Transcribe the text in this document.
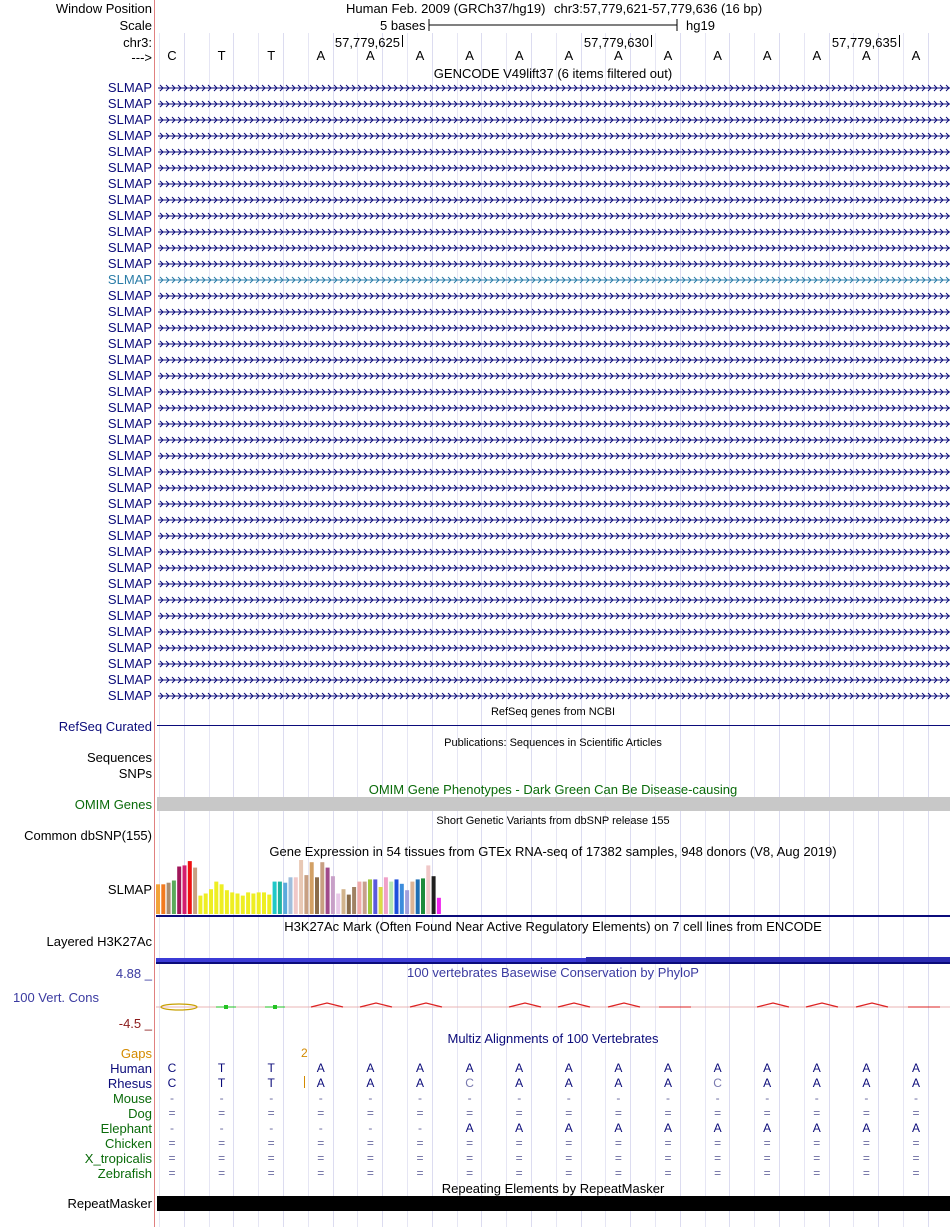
Window Position	Human Feb. 2009 (GRCh37/hg19) chr3:57,779,621-57,779,636 (16 bp)
Scale	5 bases	hg19
chr3:	57,779,625	57,779,630	57,779,635
---> C	T	T	A	A	A	A	A	A	A	A	A	A	A	A	A
GENCODE V49lift37 (6 items filtered out)
SLMAP
SLMAP
SLMAP
SLMAP
SLMAP
SLMAP
SLMAP
SLMAP
SLMAP
SLMAP
SLMAP
SLMAP
SLMAP
SLMAP
SLMAP
SLMAP
SLMAP
SLMAP
SLMAP
SLMAP
SLMAP
SLMAP
SLMAP
SLMAP
SLMAP
SLMAP
SLMAP
SLMAP
SLMAP
SLMAP
SLMAP
SLMAP
SLMAP
SLMAP
SLMAP
SLMAP
SLMAP
SLMAP
SLMAP
RefSeq genes from NCBI
RefSeq Curated
Publications: Sequences in Scientific Articles
Sequences
SNPs
OMIM Gene Phenotypes - Dark Green Can Be Disease-causing
OMIM Genes
Short Genetic Variants from dbSNP release 155
Common dbSNP(155)
Gene Expression in 54 tissues from GTEx RNA-seq of 17382 samples, 948 donors (V8, Aug 2019)
SLMAP
H3K27Ac Mark (Often Found Near Active Regulatory Elements) on 7 cell lines from ENCODE
Layered H3K27Ac
4.88 _	100 vertebrates Basewise Conservation by PhyloP
100 Vert. Cons
-4.5 _
Multiz Alignments of 100 Vertebrates
Gaps	2
Human C	T	T	A	A	A	A	A	A	A	A	A	A	A	A	A
Rhesus C	T	T	A	A	A	C	A	A	A	A	C	A	A	A	A
Mouse	-	-	-	-	-	-	-	-	-	-	-	-	-	-	-	-
Dog =	=	=	=	=	=	=	=	=	=	=	=	=	=	=	=
Elephant	-	-	-	-	-	-	A	A	A	A	A	A	A	A	A	A
Chicken =	=	=	=	=	=	=	=	=	=	=	=	=	=	=	=
X_tropicalis =	=	=	=	=	=	=	=	=	=	=	=	=	=	=	=
Zebrafish =	=	=	=	=	=	=	=	=	=	=	=	=	=	=	=
Repeating Elements by RepeatMasker
RepeatMasker
